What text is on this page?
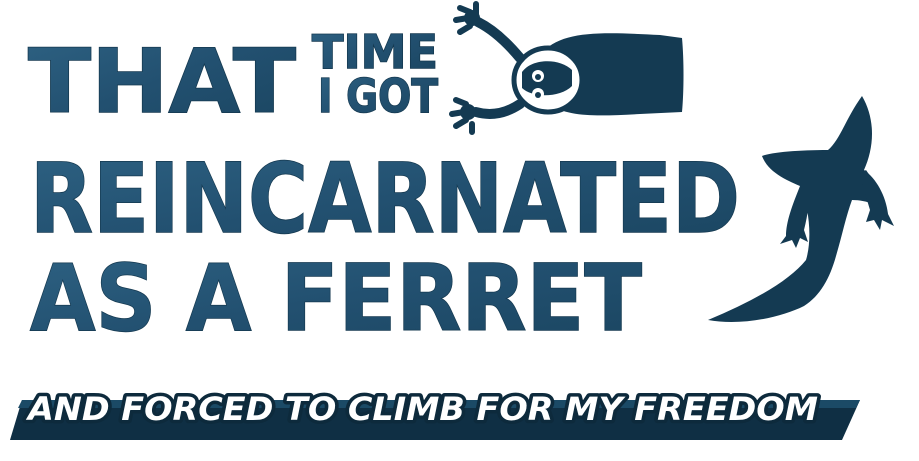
THAT TIME
I GOT
REINCARNATED
AS A FERRET
AND FORCED TO CLIMB FOR MY FREEDOM
